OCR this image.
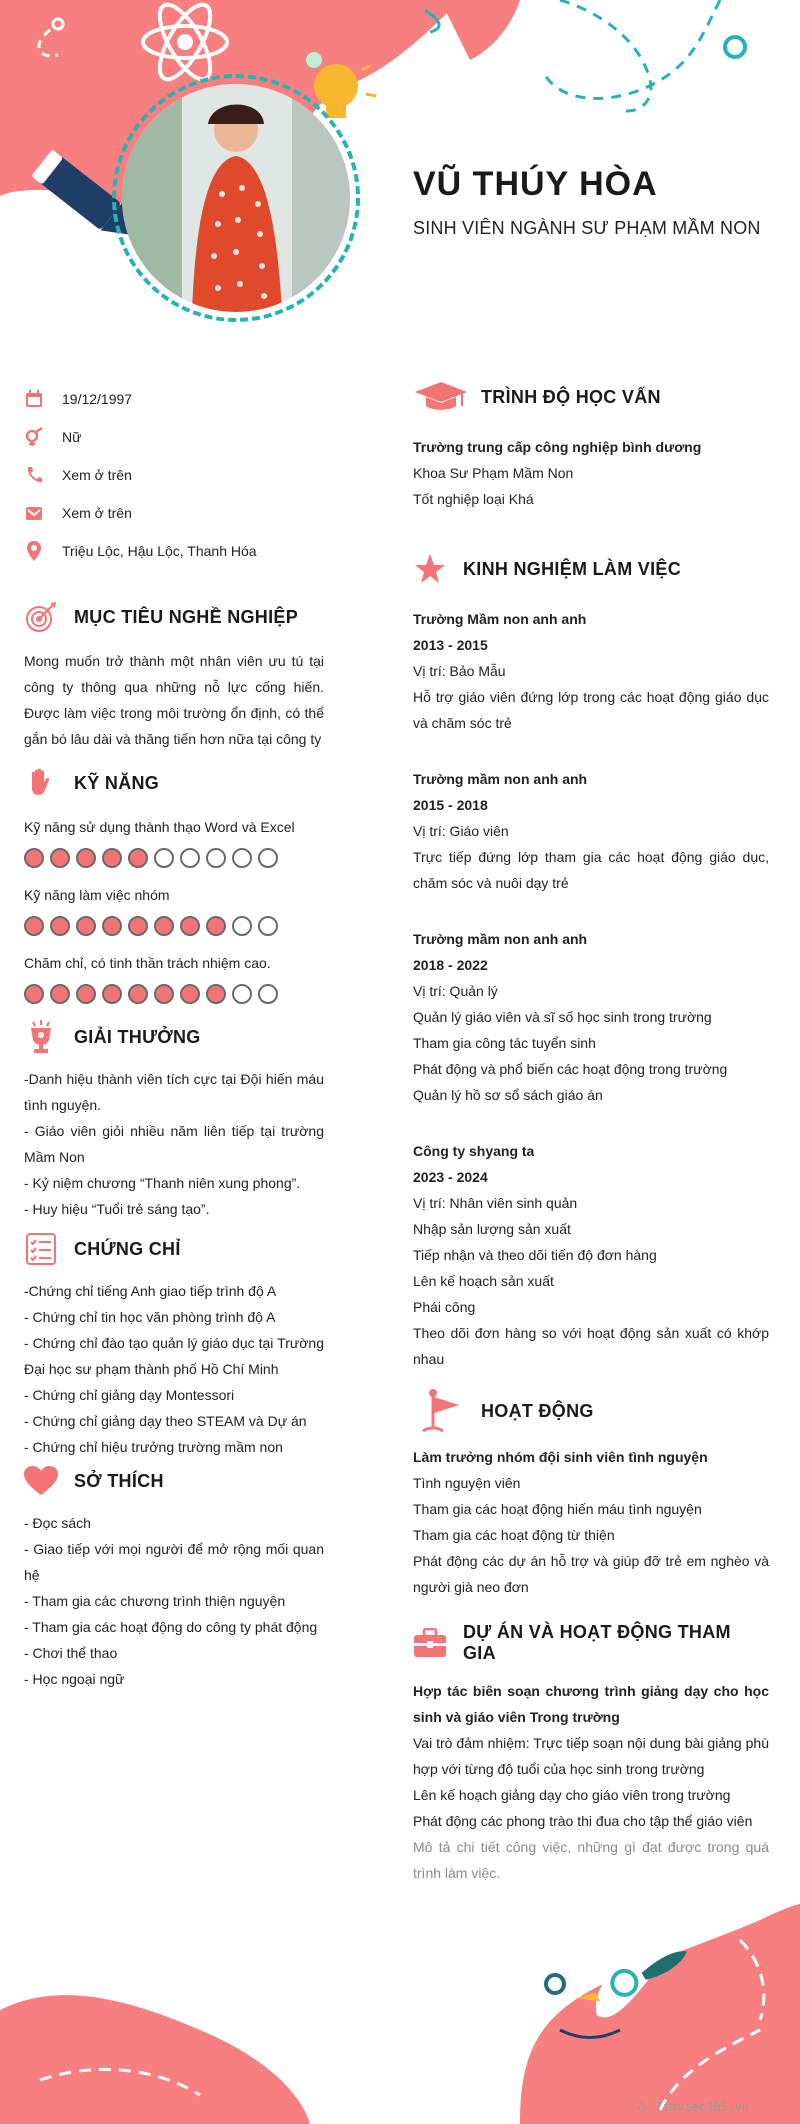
VŨ THÚY HÒA
SINH VIÊN NGÀNH SƯ PHẠM MẦM NON
19/12/1997
Nữ
Xem ở trên
Xem ở trên
Triệu Lộc, Hậu Lộc, Thanh Hóa
MỤC TIÊU NGHỀ NGHIỆP

Mong muốn trở thành một nhân viên ưu tú tại công ty thông qua những nỗ lực cống hiến. Được làm việc trong môi trường ổn định, có thể gắn bó lâu dài và thăng tiến hơn nữa tại công ty

KỸ NĂNG
Kỹ năng sử dụng thành thạo Word và Excel
Kỹ năng làm việc nhóm
Chăm chỉ, có tinh thần trách nhiệm cao.
GIẢI THƯỞNG

-Danh hiệu thành viên tích cực tại Đội hiến máu tình nguyện.

- Giáo viên giỏi nhiều năm liên tiếp tại trường Mầm Non

- Kỷ niệm chương “Thanh niên xung phong”.

- Huy hiệu “Tuổi trẻ sáng tạo”.

CHỨNG CHỈ

-Chứng chỉ tiếng Anh giao tiếp trình độ A

- Chứng chỉ tin học văn phòng trình độ A

- Chứng chỉ đào tạo quản lý giáo dục tại Trường Đại học sư phạm thành phố Hồ Chí Minh

- Chứng chỉ giảng dạy Montessori

- Chứng chỉ giảng dạy theo STEAM và Dự án

- Chứng chỉ hiệu trưởng trường mầm non

SỞ THÍCH

- Đọc sách

- Giao tiếp với mọi người để mở rộng mối quan hệ

- Tham gia các chương trình thiện nguyện

- Tham gia các hoạt động do công ty phát động

- Chơi thể thao

- Học ngoại ngữ

TRÌNH ĐỘ HỌC VẤN

Trường trung cấp công nghiệp bình dương

Khoa Sư Phạm Mầm Non

Tốt nghiệp loại Khá

KINH NGHIỆM LÀM VIỆC

Trường Mầm non anh anh

2013 - 2015

Vị trí: Bảo Mẫu

Hỗ trợ giáo viên đứng lớp trong các hoạt động giáo dục và chăm sóc trẻ

Trường mầm non anh anh

2015 - 2018

Vị trí: Giáo viên

Trực tiếp đứng lớp tham gia các hoạt động giáo dục, chăm sóc và nuôi dạy trẻ

Trường mầm non anh anh

2018 - 2022

Vị trí: Quản lý

Quản lý giáo viên và sĩ số học sinh trong trường

Tham gia công tác tuyển sinh

Phát động và phổ biến các hoạt động trong trường

Quản lý hồ sơ sổ sách giáo án

Công ty shyang ta

2023 - 2024

Vị trí: Nhân viên sinh quản

Nhập sản lượng sản xuất

Tiếp nhận và theo dõi tiến độ đơn hàng

Lên kế hoạch sản xuất

Phái công

Theo dõi đơn hàng so với hoạt động sản xuất có khớp nhau

HOẠT ĐỘNG

Làm trưởng nhóm đội sinh viên tình nguyện

Tình nguyện viên

Tham gia các hoạt động hiến máu tình nguyện

Tham gia các hoạt động từ thiện

Phát động các dự án hỗ trợ và giúp đỡ trẻ em nghèo và người già neo đơn

DỰ ÁN VÀ HOẠT ĐỘNG THAM GIA

Hợp tác biên soạn chương trình giảng dạy cho học sinh và giáo viên Trong trường

Vai trò đảm nhiệm: Trực tiếp soạn nội dung bài giảng phù hợp với từng độ tuổi của học sinh trong trường

Lên kế hoạch giảng dạy cho giáo viên trong trường

Phát động các phong trào thi đua cho tập thể giáo viên

Mô tả chi tiết công việc, những gì đạt được trong quá trình làm việc.

⁂ Timviec365.vn
